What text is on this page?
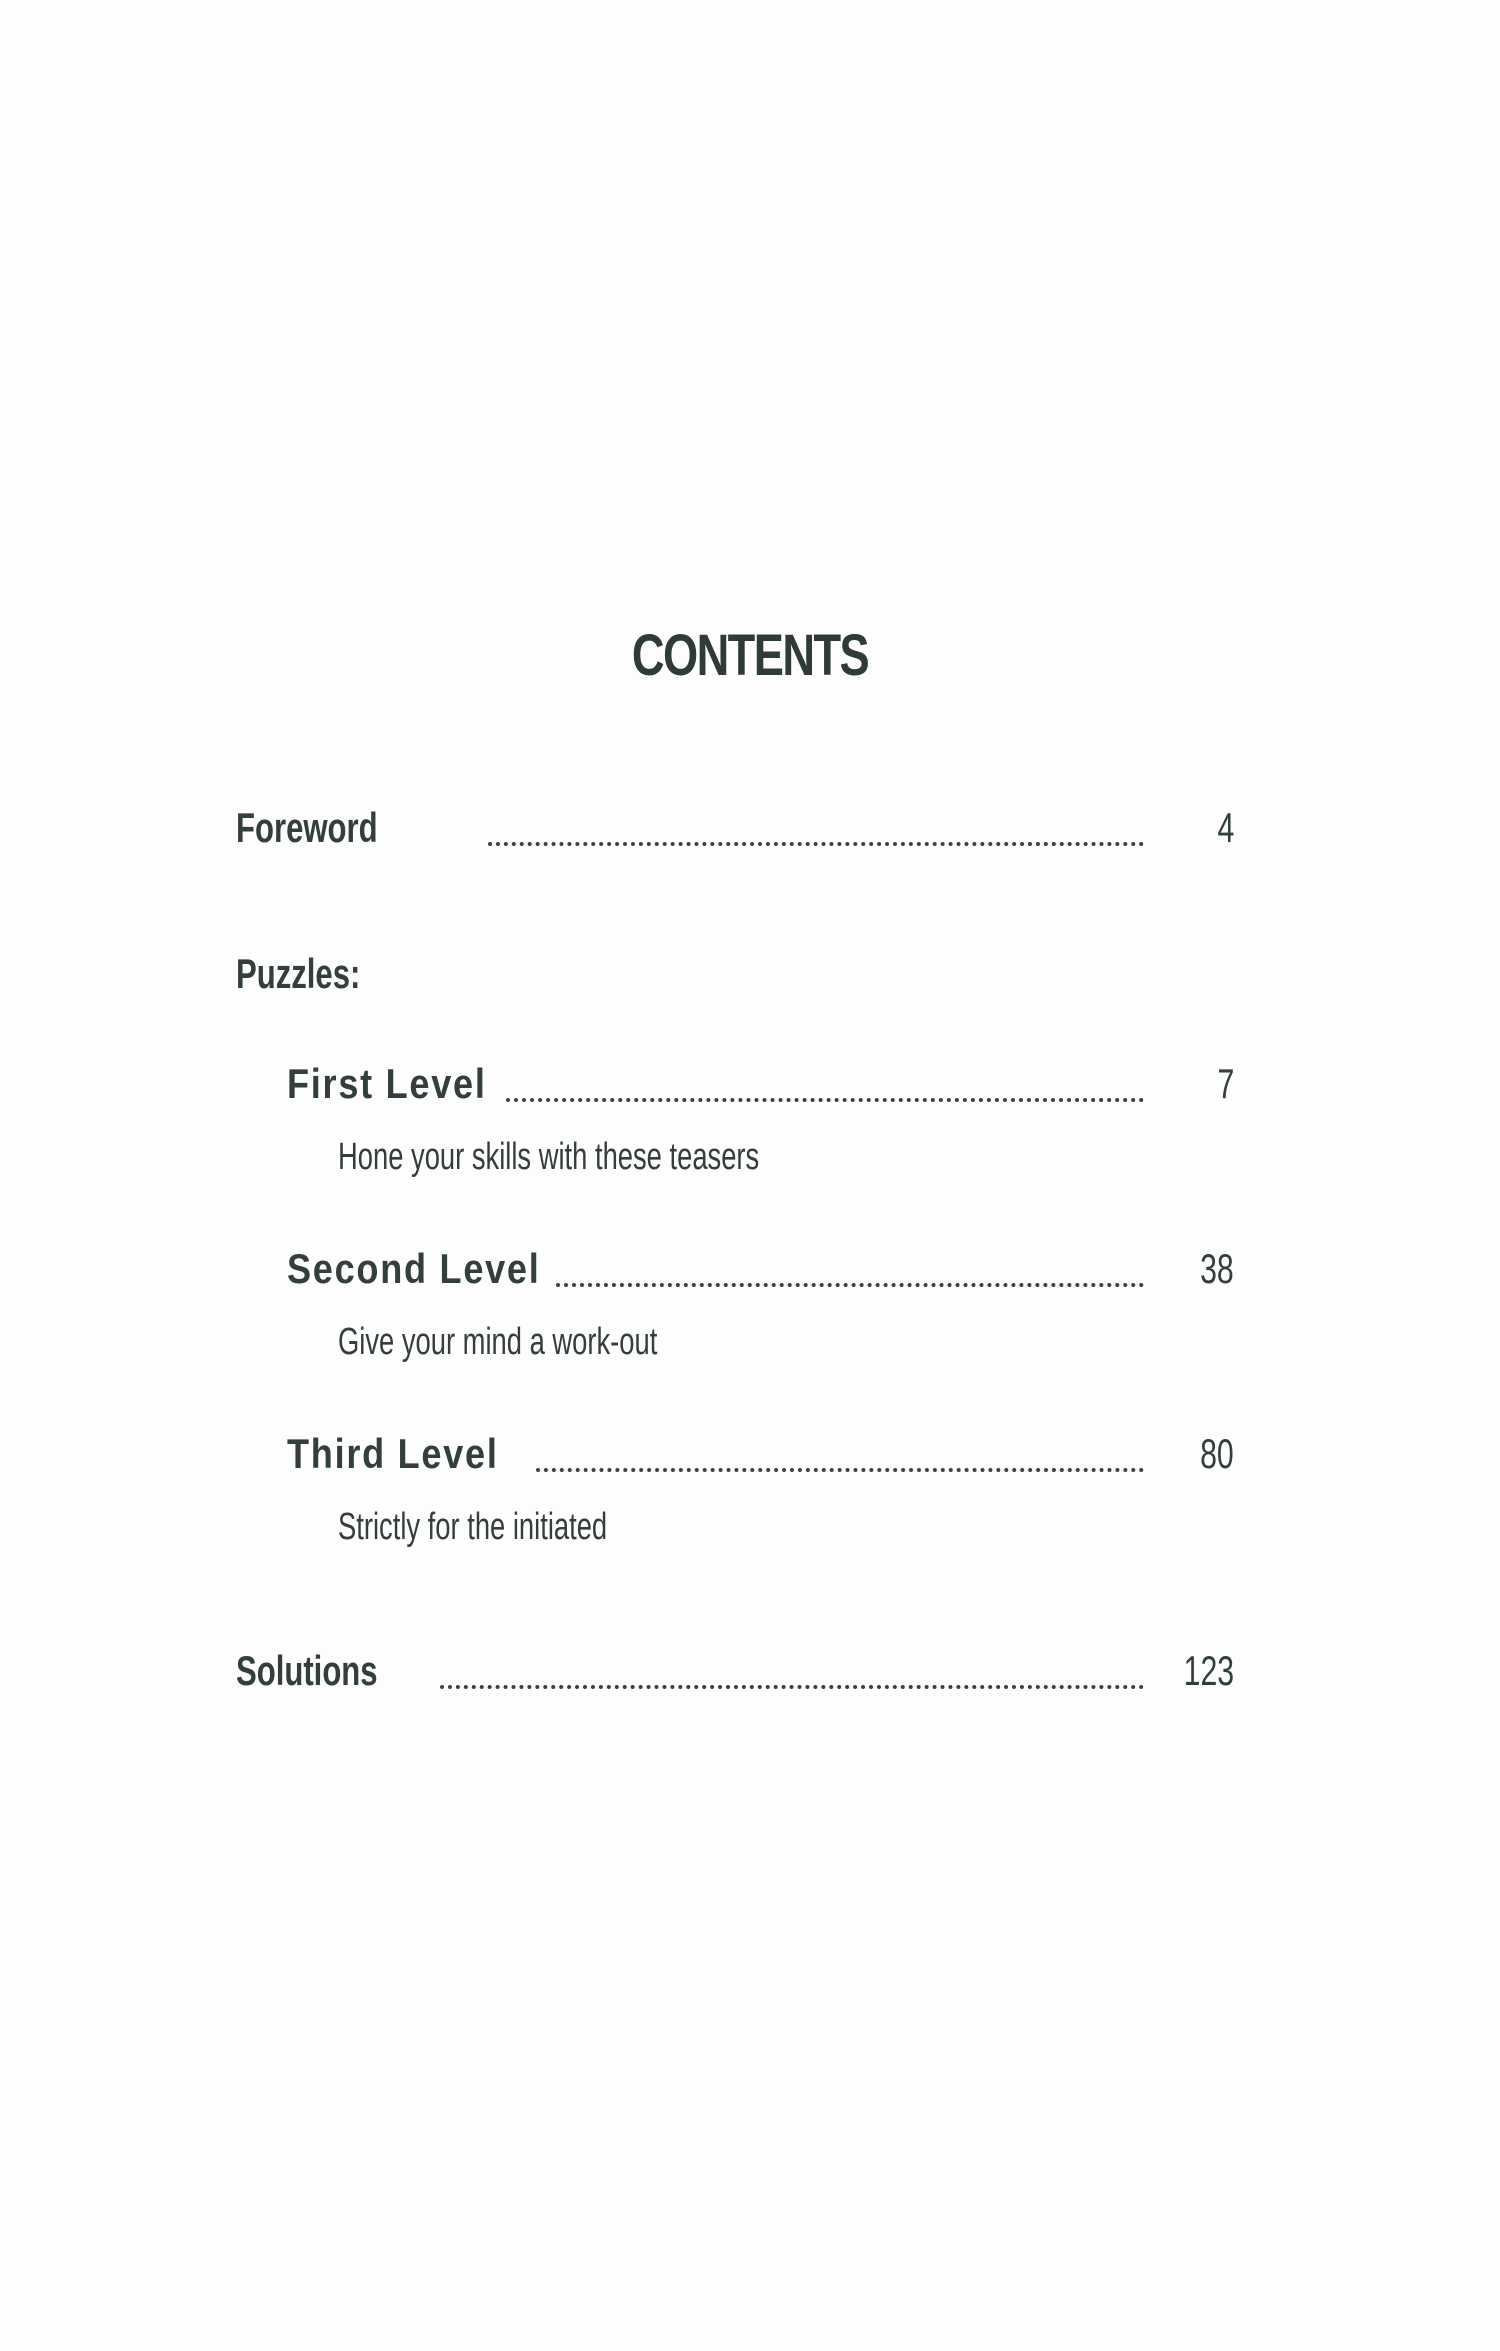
CONTENTS
Foreword	4
Puzzles:
First Level	7
Hone your skills with these teasers
Second Level	38
Give your mind a work-out
Third Level	80
Strictly for the initiated
Solutions	123
